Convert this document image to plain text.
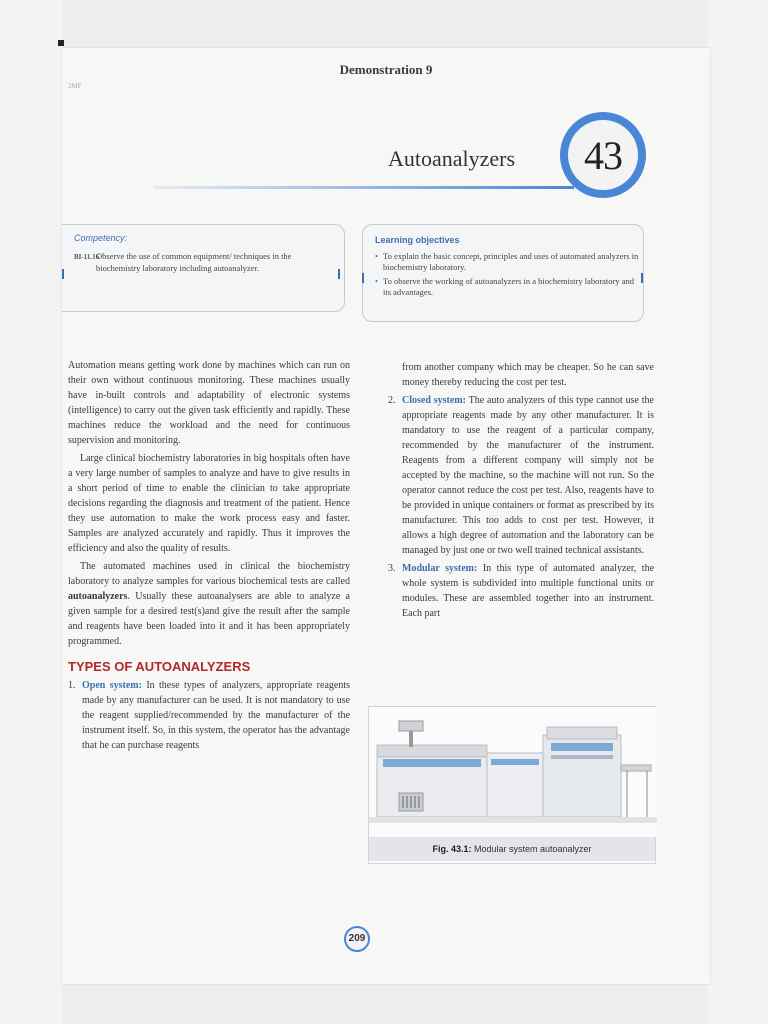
2MF
Demonstration 9
Autoanalyzers	43
Competency:
BI-11.16
Observe the use of common equipment/ techniques in the biochemistry laboratory including autoanalyzer.
Learning objectives
• To explain the basic concept, principles and uses of automated analyzers in biochemistry laboratory.
• To observe the working of autoanalyzers in a biochemistry laboratory and its advantages.

Automation means getting work done by machines which can run on their own without continuous monitoring. These machines usually have in-built controls and adaptability of electronic systems (intelligence) to carry out the given task efficiently and rapidly. These machines reduce the workload and the need for continuous supervision and monitoring.

Large clinical biochemistry laboratories in big hospitals often have a very large number of samples to analyze and have to give results in a short period of time to enable the clinician to take appropriate decisions regarding the diagnosis and treatment of the patient. Hence they use automation to make the work process easy and faster. Samples are analyzed accurately and rapidly. Thus it improves the efficiency and also the quality of results.

The automated machines used in clinical the biochemistry laboratory to analyze samples for various biochemical tests are called autoanalyzers. Usually these autoanalysers are able to analyze a given sample for a desired test(s)and give the result after the sample and reagents have been loaded into it and it has been appropriately programmed.

TYPES OF AUTOANALYZERS

1. Open system: In these types of analyzers, appropriate reagents made by any manufacturer can be used. It is not mandatory to use the reagent supplied/recommended by the manufacturer of the instrument itself. So, in this system, the operator has the advantage that he can purchase reagents

from another company which may be cheaper. So he can save money thereby reducing the cost per test.

2. Closed system: The auto analyzers of this type cannot use the appropriate reagents made by any other manufacturer. It is mandatory to use the reagent of a particular company, recommended by the manufacturer of the instrument. Reagents from a different company will simply not be accepted by the machine, so the machine will not run. So the operator cannot reduce the cost per test. Also, reagents have to be provided in unique containers or format as prescribed by its manufacturer. This too adds to cost per test. However, it allows a high degree of automation and the laboratory can be managed by just one or two well trained technical assistants.

3. Modular system: In this type of automated analyzer, the whole system is subdivided into multiple functional units or modules. These are assembled together into an instrument. Each part

Fig. 43.1: Modular system autoanalyzer
209
